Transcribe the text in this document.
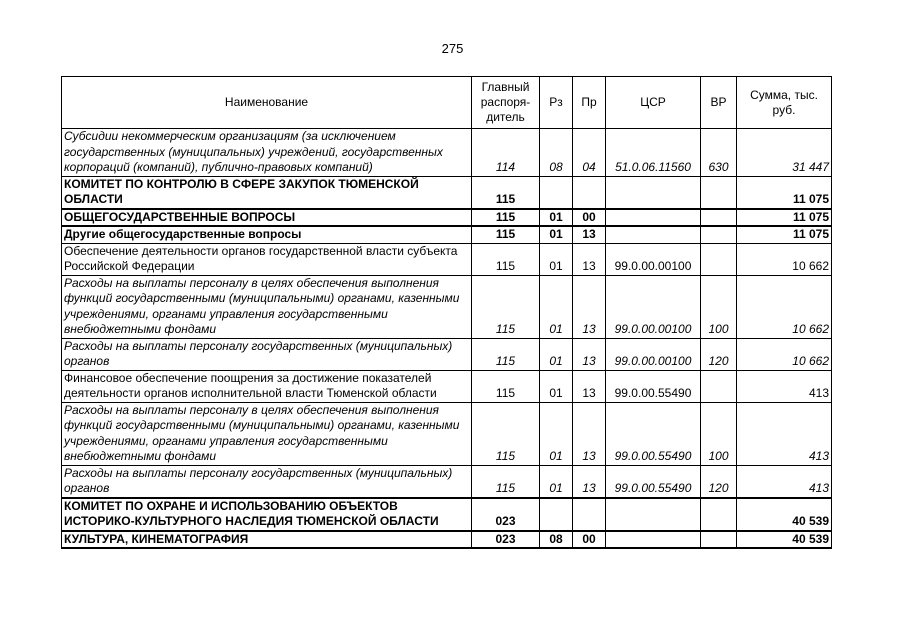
275
Наименование	Главный распоря-дитель	Рз	Пр	ЦСР	ВР	Сумма, тыс. руб.
Субсидии некоммерческим организациям (за исключением государственных (муниципальных) учреждений, государственных корпораций (компаний), публично-правовых компаний)	114	08	04	51.0.06.11560	630	31 447
КОМИТЕТ ПО КОНТРОЛЮ В СФЕРЕ ЗАКУПОК ТЮМЕНСКОЙ ОБЛАСТИ	115					11 075
ОБЩЕГОСУДАРСТВЕННЫЕ ВОПРОСЫ	115	01	00			11 075
Другие общегосударственные вопросы	115	01	13			11 075
Обеспечение деятельности органов государственной власти субъекта Российской Федерации	115	01	13	99.0.00.00100		10 662
Расходы на выплаты персоналу в целях обеспечения выполнения функций государственными (муниципальными) органами, казенными учреждениями, органами управления государственными внебюджетными фондами	115	01	13	99.0.00.00100	100	10 662
Расходы на выплаты персоналу государственных (муниципальных) органов	115	01	13	99.0.00.00100	120	10 662
Финансовое обеспечение поощрения за достижение показателей деятельности органов исполнительной власти Тюменской области	115	01	13	99.0.00.55490		413
Расходы на выплаты персоналу в целях обеспечения выполнения функций государственными (муниципальными) органами, казенными учреждениями, органами управления государственными внебюджетными фондами	115	01	13	99.0.00.55490	100	413
Расходы на выплаты персоналу государственных (муниципальных) органов	115	01	13	99.0.00.55490	120	413
КОМИТЕТ ПО ОХРАНЕ И ИСПОЛЬЗОВАНИЮ ОБЪЕКТОВ ИСТОРИКО-КУЛЬТУРНОГО НАСЛЕДИЯ ТЮМЕНСКОЙ ОБЛАСТИ	023					40 539
КУЛЬТУРА, КИНЕМАТОГРАФИЯ	023	08	00			40 539
